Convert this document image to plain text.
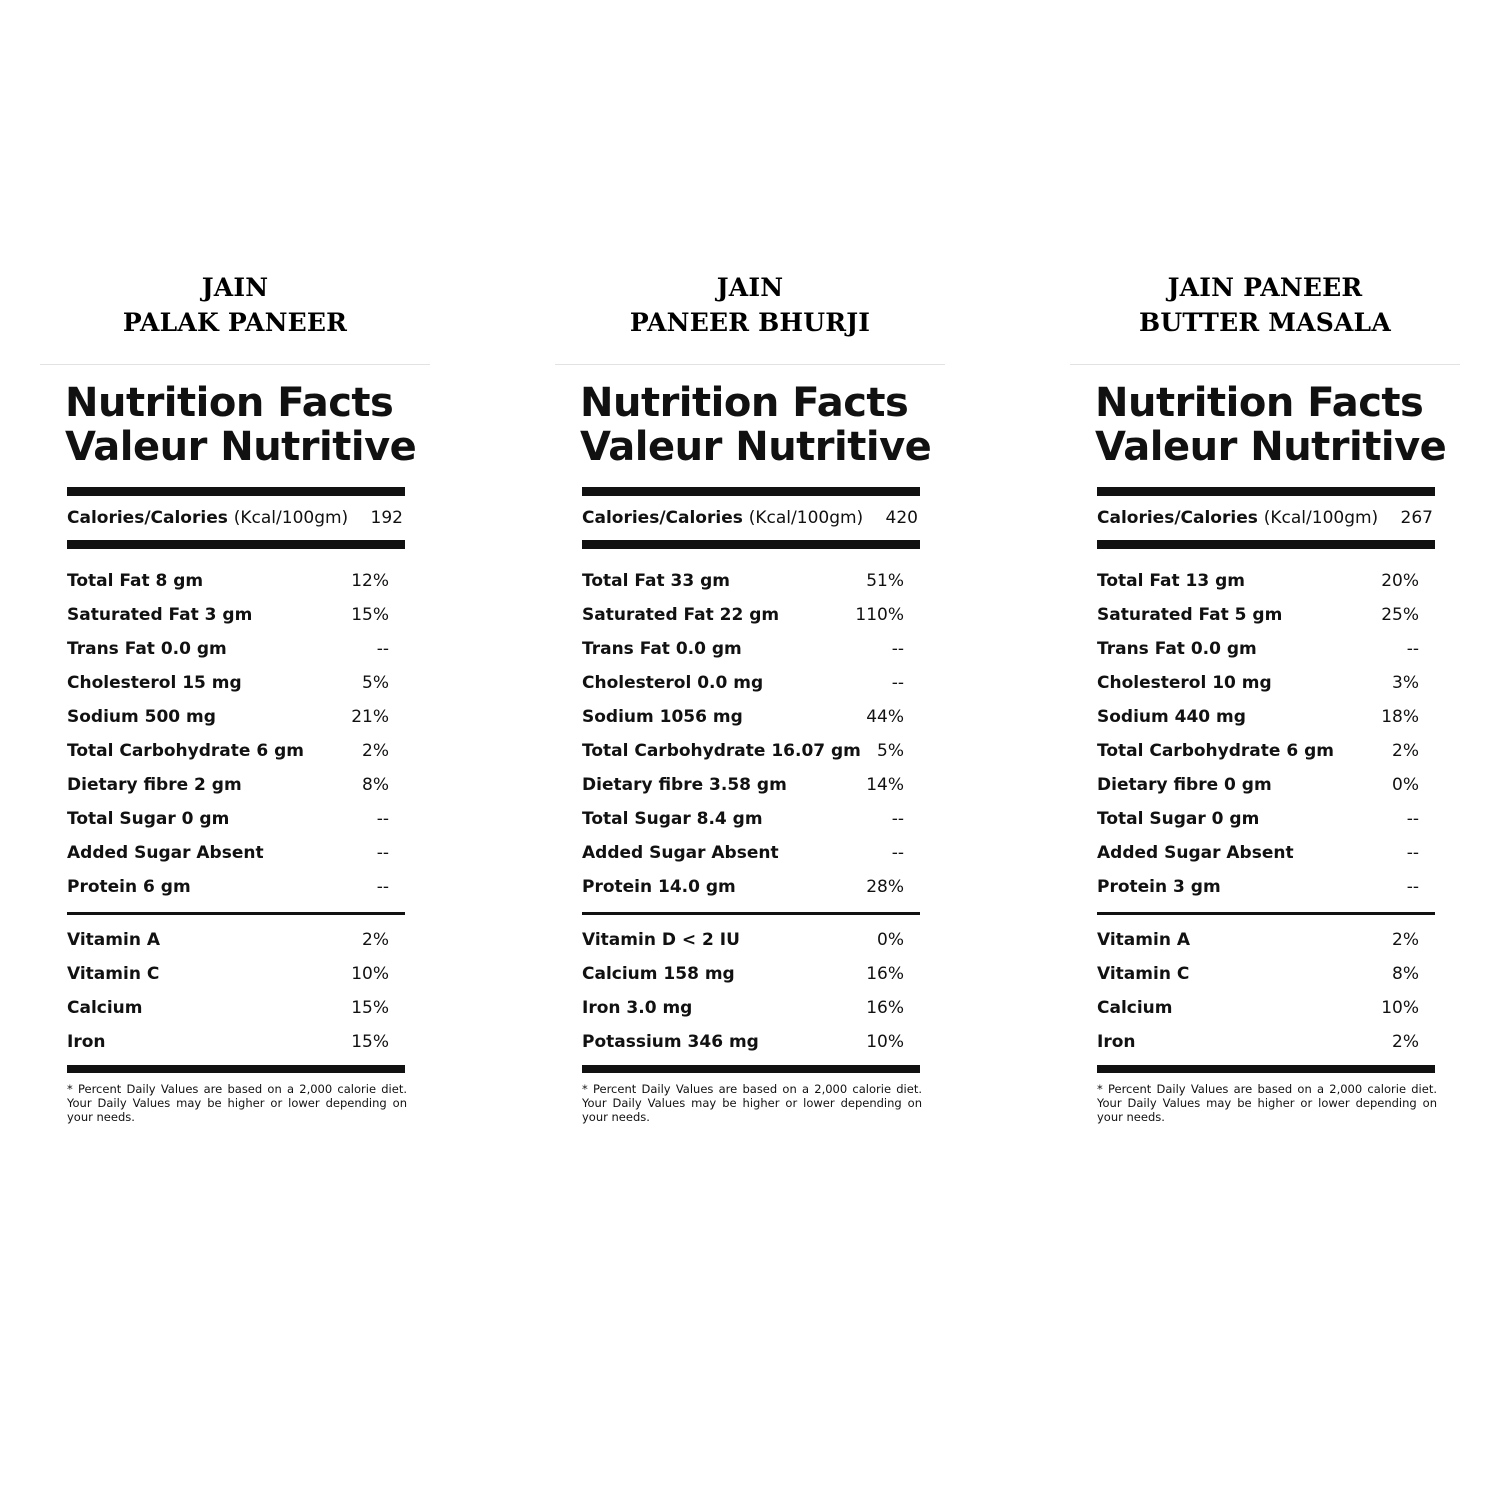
JAIN
PALAK PANEER
Nutrition Facts
Valeur Nutritive
Calories/Calories (Kcal/100gm) 192
Total Fat 8 gm	12%
Saturated Fat 3 gm	15%
Trans Fat 0.0 gm	--
Cholesterol 15 mg	5%
Sodium 500 mg	21%
Total Carbohydrate 6 gm	2%
Dietary fibre 2 gm	8%
Total Sugar 0 gm	--
Added Sugar Absent	--
Protein 6 gm	--
Vitamin A	2%
Vitamin C	10%
Calcium	15%
Iron	15%
* Percent Daily Values are based on a 2,000 calorie diet. Your Daily Values may be higher or lower depending on your needs.
JAIN
PANEER BHURJI
Nutrition Facts
Valeur Nutritive
Calories/Calories (Kcal/100gm) 420
Total Fat 33 gm	51%
Saturated Fat 22 gm	110%
Trans Fat 0.0 gm	--
Cholesterol 0.0 mg	--
Sodium 1056 mg	44%
Total Carbohydrate 16.07 gm 5%
Dietary fibre 3.58 gm	14%
Total Sugar 8.4 gm	--
Added Sugar Absent	--
Protein 14.0 gm	28%
Vitamin D < 2 IU	0%
Calcium 158 mg	16%
Iron 3.0 mg	16%
Potassium 346 mg	10%
* Percent Daily Values are based on a 2,000 calorie diet. Your Daily Values may be higher or lower depending on your needs.
JAIN PANEER
BUTTER MASALA
Nutrition Facts
Valeur Nutritive
Calories/Calories (Kcal/100gm) 267
Total Fat 13 gm	20%
Saturated Fat 5 gm	25%
Trans Fat 0.0 gm	--
Cholesterol 10 mg	3%
Sodium 440 mg	18%
Total Carbohydrate 6 gm	2%
Dietary fibre 0 gm	0%
Total Sugar 0 gm	--
Added Sugar Absent	--
Protein 3 gm	--
Vitamin A	2%
Vitamin C	8%
Calcium	10%
Iron	2%
* Percent Daily Values are based on a 2,000 calorie diet. Your Daily Values may be higher or lower depending on your needs.
